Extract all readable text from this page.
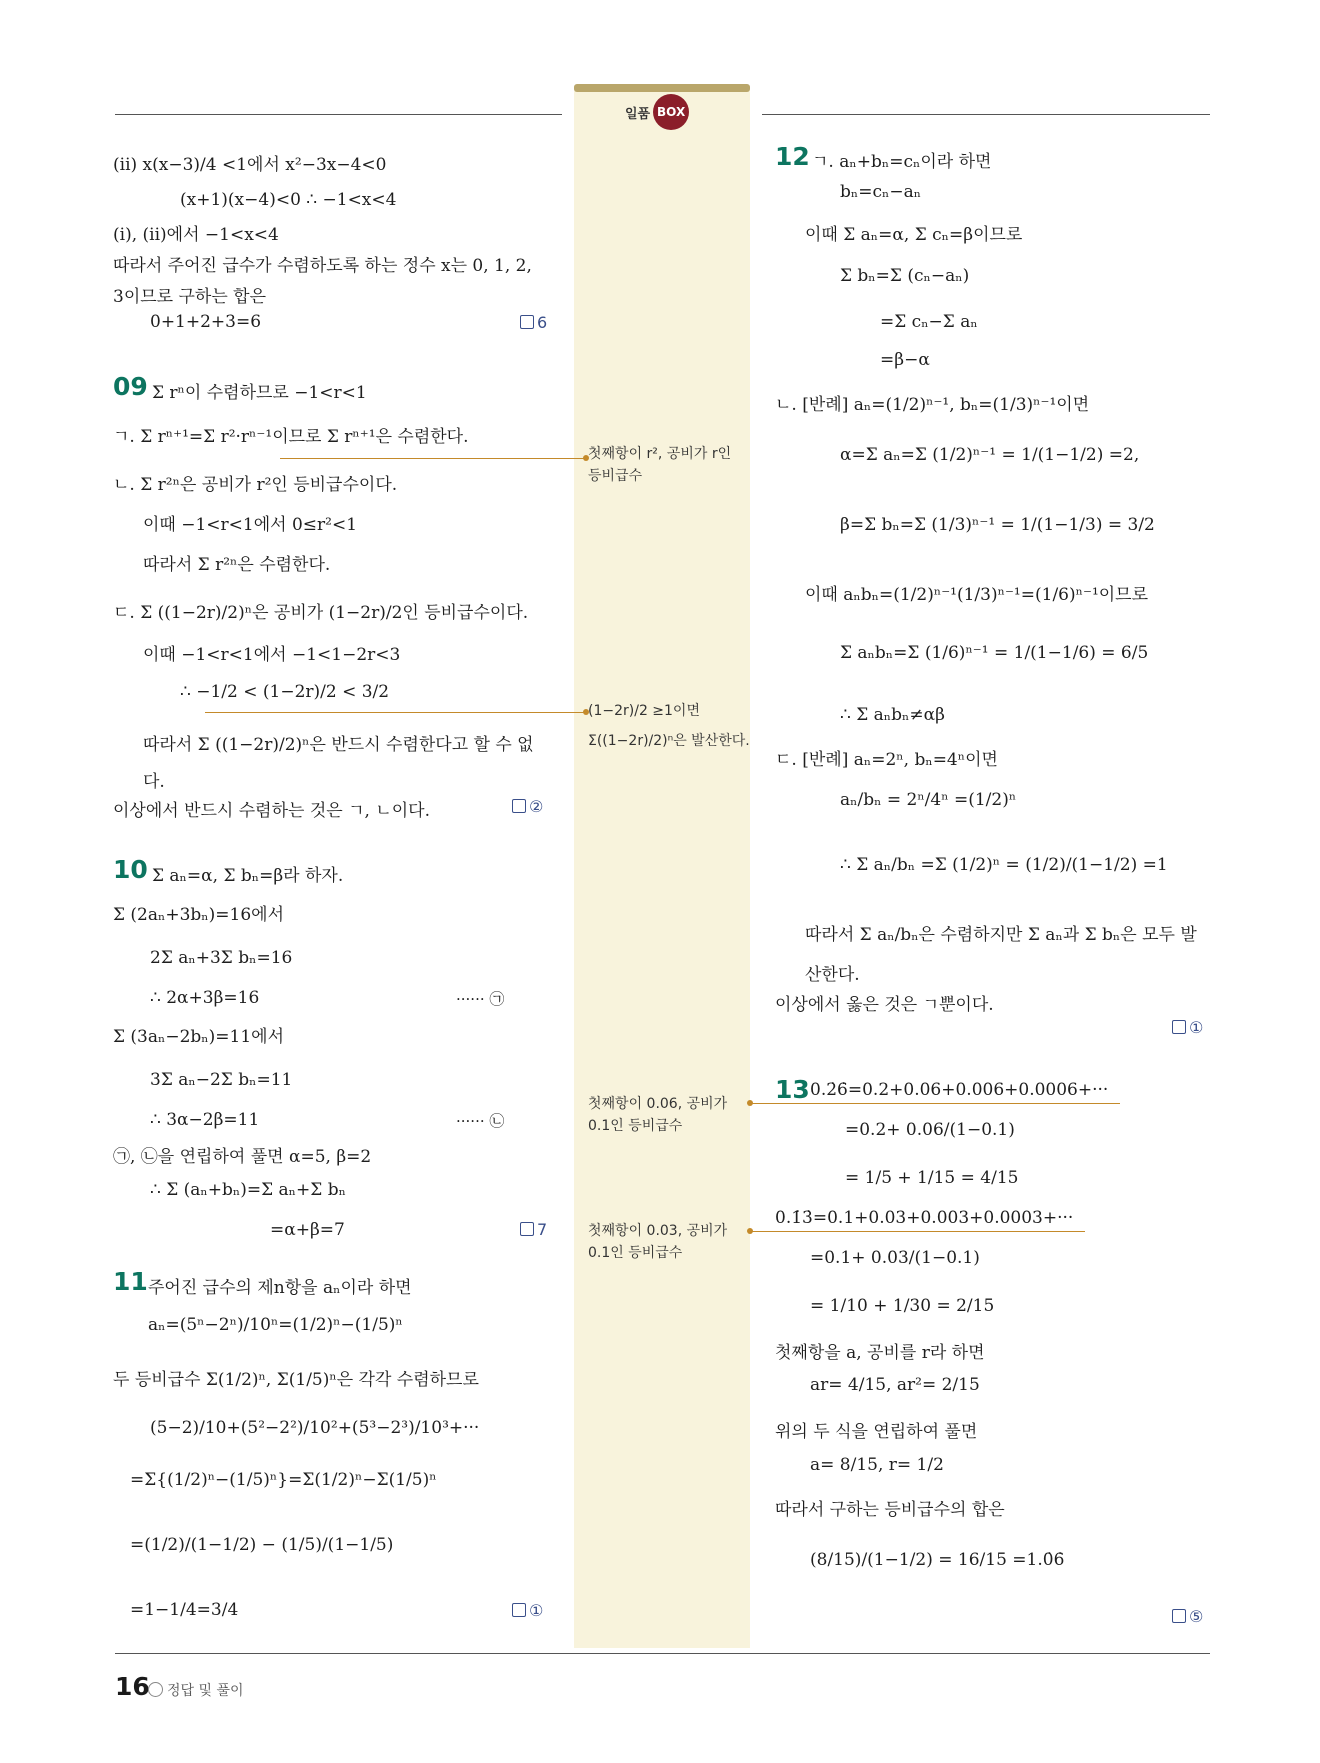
일품 BOX
(ii) x(x−3)/4 <1에서 x²−3x−4<0
(x+1)(x−4)<0 ∴ −1<x<4
(i), (ii)에서 −1<x<4
따라서 주어진 급수가 수렴하도록 하는 정수 x는 0, 1, 2,
3이므로 구하는 합은
0+1+2+3=6	6
09 Σ rⁿ이 수렴하므로 −1<r<1
ㄱ. Σ rⁿ⁺¹=Σ r²·rⁿ⁻¹이므로 Σ rⁿ⁺¹은 수렴한다.
ㄴ. Σ r²ⁿ은 공비가 r²인 등비급수이다.
이때 −1<r<1에서 0≤r²<1
따라서 Σ r²ⁿ은 수렴한다.
ㄷ. Σ ((1−2r)/2)ⁿ은 공비가 (1−2r)/2인 등비급수이다.
이때 −1<r<1에서 −1<1−2r<3
∴ −1/2 < (1−2r)/2 < 3/2
따라서 Σ ((1−2r)/2)ⁿ은 반드시 수렴한다고 할 수 없
다.
이상에서 반드시 수렴하는 것은 ㄱ, ㄴ이다.	②
10 Σ aₙ=α, Σ bₙ=β라 하자.
Σ (2aₙ+3bₙ)=16에서
2Σ aₙ+3Σ bₙ=16
∴ 2α+3β=16	······ ㉠
Σ (3aₙ−2bₙ)=11에서
3Σ aₙ−2Σ bₙ=11
∴ 3α−2β=11	······ ㉡
㉠, ㉡을 연립하여 풀면 α=5, β=2
∴ Σ (aₙ+bₙ)=Σ aₙ+Σ bₙ
=α+β=7	7
11 주어진 급수의 제n항을 aₙ이라 하면
aₙ=(5ⁿ−2ⁿ)/10ⁿ=(1/2)ⁿ−(1/5)ⁿ
두 등비급수 Σ(1/2)ⁿ, Σ(1/5)ⁿ은 각각 수렴하므로
(5−2)/10+(5²−2²)/10²+(5³−2³)/10³+···
=Σ{(1/2)ⁿ−(1/5)ⁿ}=Σ(1/2)ⁿ−Σ(1/5)ⁿ
=(1/2)/(1−1/2) − (1/5)/(1−1/5)
=1−1/4=3/4	①
첫째항이 r², 공비가 r인
등비급수
(1−2r)/2 ≥1이면
Σ((1−2r)/2)ⁿ은 발산한다.
첫째항이 0.06, 공비가
0.1인 등비급수
첫째항이 0.03, 공비가
0.1인 등비급수
12 ㄱ. aₙ+bₙ=cₙ이라 하면
bₙ=cₙ−aₙ
이때 Σ aₙ=α, Σ cₙ=β이므로
Σ bₙ=Σ (cₙ−aₙ)
=Σ cₙ−Σ aₙ
=β−α
ㄴ. [반례] aₙ=(1/2)ⁿ⁻¹, bₙ=(1/3)ⁿ⁻¹이면
α=Σ aₙ=Σ (1/2)ⁿ⁻¹ = 1/(1−1/2) =2,
β=Σ bₙ=Σ (1/3)ⁿ⁻¹ = 1/(1−1/3) = 3/2
이때 aₙbₙ=(1/2)ⁿ⁻¹(1/3)ⁿ⁻¹=(1/6)ⁿ⁻¹이므로
Σ aₙbₙ=Σ (1/6)ⁿ⁻¹ = 1/(1−1/6) = 6/5
∴ Σ aₙbₙ≠αβ
ㄷ. [반례] aₙ=2ⁿ, bₙ=4ⁿ이면
aₙ/bₙ = 2ⁿ/4ⁿ =(1/2)ⁿ
∴ Σ aₙ/bₙ =Σ (1/2)ⁿ = (1/2)/(1−1/2) =1
따라서 Σ aₙ/bₙ은 수렴하지만 Σ aₙ과 Σ bₙ은 모두 발
산한다.
이상에서 옳은 것은 ㄱ뿐이다.
①
13 0.2̇6̇=0.2+0.06+0.006+0.0006+···
=0.2+ 0.06/(1−0.1)
= 1/5 + 1/15 = 4/15
0.1̇3̇=0.1+0.03+0.003+0.0003+···
=0.1+ 0.03/(1−0.1)
= 1/10 + 1/30 = 2/15
첫째항을 a, 공비를 r라 하면
ar= 4/15, ar²= 2/15
위의 두 식을 연립하여 풀면
a= 8/15, r= 1/2
따라서 구하는 등비급수의 합은
(8/15)/(1−1/2) = 16/15 =1.0̇6̇
⑤
16	정답 및 풀이
